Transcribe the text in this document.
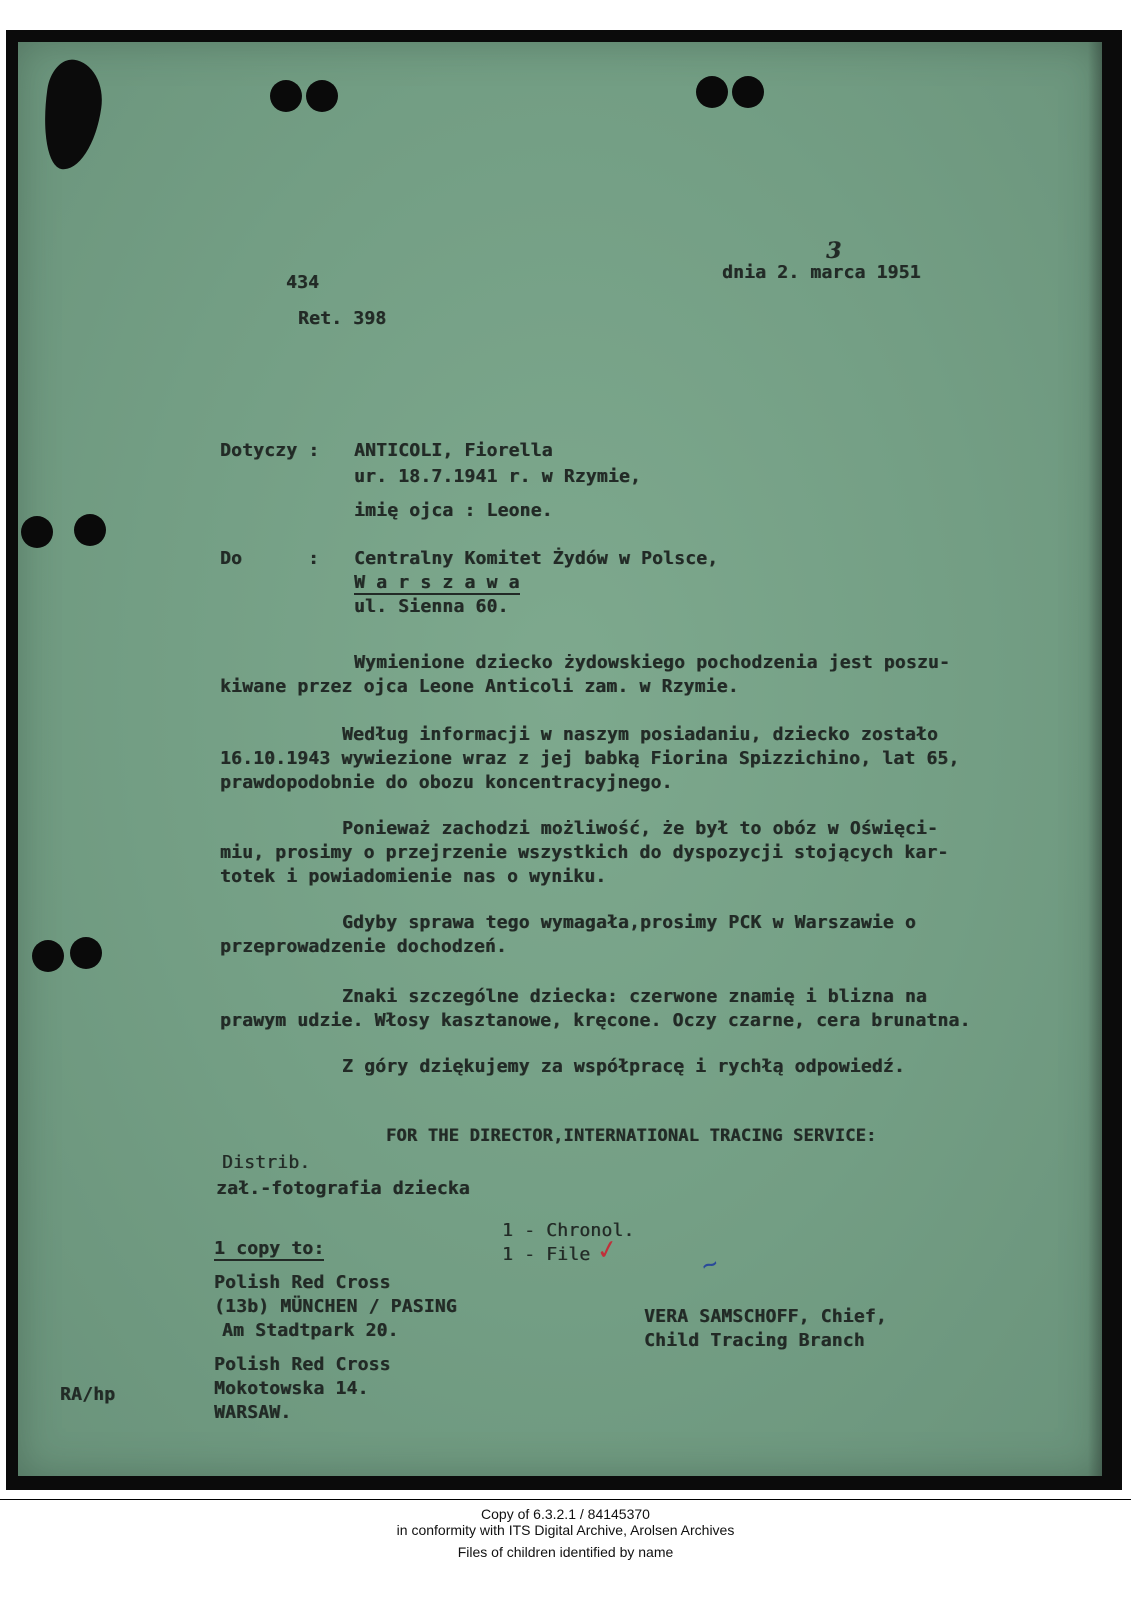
434
Ret. 398
dnia 2. marca 1951
3
Dotyczy : ANTICOLI, Fiorella
ur. 18.7.1941 r. w Rzymie,
imię ojca : Leone.
Do	: Centralny Komitet Żydów w Polsce,
W a r s z a w a
ul. Sienna 60.
Wymienione dziecko żydowskiego pochodzenia jest poszu-
kiwane przez ojca Leone Anticoli zam. w Rzymie.
Według informacji w naszym posiadaniu, dziecko zostało
16.10.1943 wywiezione wraz z jej babką Fiorina Spizzichino, lat 65,
prawdopodobnie do obozu koncentracyjnego.
Ponieważ zachodzi możliwość, że był to obóz w Oświęci-
miu, prosimy o przejrzenie wszystkich do dyspozycji stojących kar-
totek i powiadomienie nas o wyniku.
Gdyby sprawa tego wymagała,prosimy PCK w Warszawie o
przeprowadzenie dochodzeń.
Znaki szczególne dziecka: czerwone znamię i blizna na
prawym udzie. Włosy kasztanowe, kręcone. Oczy czarne, cera brunatna.
Z góry dziękujemy za współpracę i rychłą odpowiedź.
FOR THE DIRECTOR,INTERNATIONAL TRACING SERVICE:
VERA SAMSCHOFF, Chief,
Child Tracing Branch
~
Distrib.
zał.-fotografia dziecka
1 - Chronol.
1 - File ✓
1 copy to:
Polish Red Cross
(13b) MÜNCHEN / PASING
Am Stadtpark 20.
Polish Red Cross
Mokotowska 14.
WARSAW.
RA/hp
Copy of 6.3.2.1 / 84145370
in conformity with ITS Digital Archive, Arolsen Archives
Files of children identified by name
